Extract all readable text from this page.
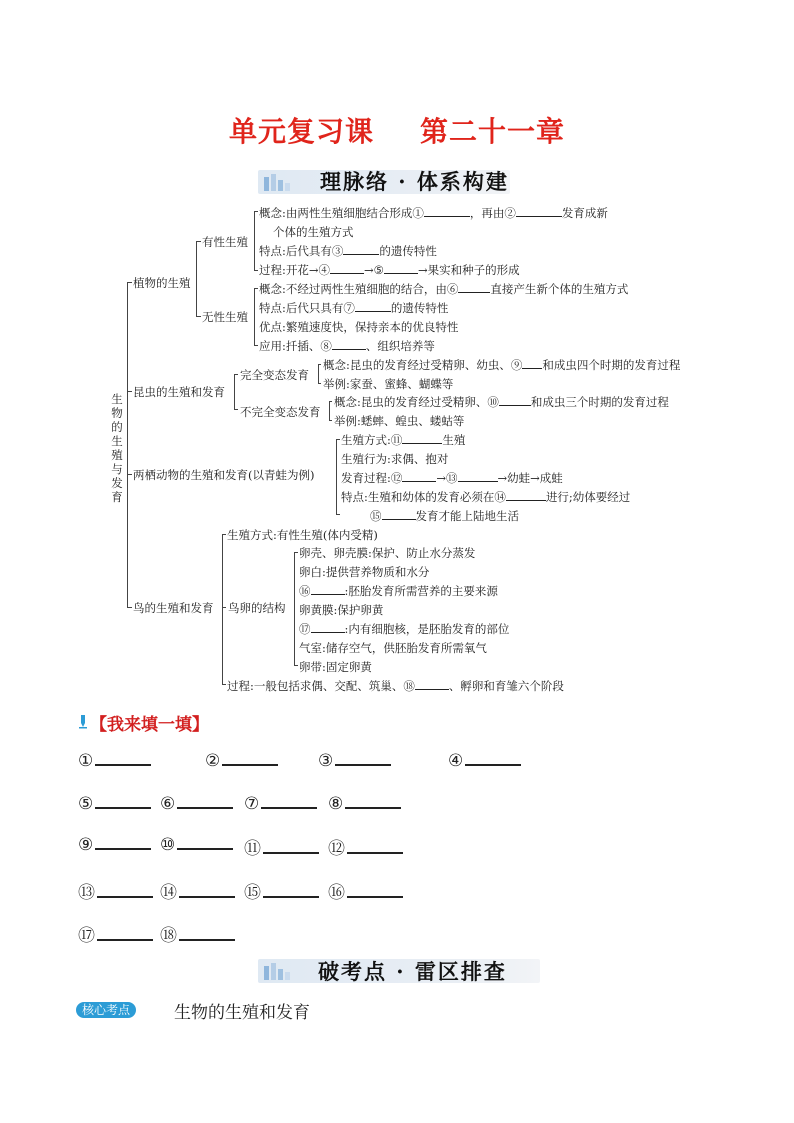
单元复习课 第二十一章
理脉络 · 体系构建
生物的生殖与发育
植物的生殖
有性生殖
概念:由两性生殖细胞结合形成①	，再由②	发育成新
个体的生殖方式
特点:后代具有③	的遗传特性
过程:开花→④	→⑤	→果实和种子的形成
无性生殖
概念:不经过两性生殖细胞的结合，由⑥	直接产生新个体的生殖方式
特点:后代只具有⑦	的遗传特性
优点:繁殖速度快，保持亲本的优良特性
应用:扦插、⑧	、组织培养等
昆虫的生殖和发育
完全变态发育
概念:昆虫的发育经过受精卵、幼虫、⑨ 和成虫四个时期的发育过程
举例:家蚕、蜜蜂、蝴蝶等
不完全变态发育
概念:昆虫的发育经过受精卵、⑩	和成虫三个时期的发育过程
举例:蟋蟀、蝗虫、蝼蛄等
两栖动物的生殖和发育(以青蛙为例)
生殖方式:⑪	生殖
生殖行为:求偶、抱对
发育过程:⑫	→⑬	→幼蛙→成蛙
特点:生殖和幼体的发育必须在⑭	进行;幼体要经过
⑮	发育才能上陆地生活
鸟的生殖和发育
生殖方式:有性生殖(体内受精)
鸟卵的结构
卵壳、卵壳膜:保护、防止水分蒸发
卵白:提供营养物质和水分
⑯	:胚胎发育所需营养的主要来源
卵黄膜:保护卵黄
⑰	:内有细胞核，是胚胎发育的部位
气室:储存空气，供胚胎发育所需氧气
卵带:固定卵黄
过程:一般包括求偶、交配、筑巢、⑱	、孵卵和育雏六个阶段
【我来填一填】
①	②	③	④
⑤	⑥	⑦	⑧
⑨	⑩	⑪	⑫
⑬	⑭	⑮	⑯
⑰	⑱
破考点 · 雷区排查
核心考点	生物的生殖和发育
